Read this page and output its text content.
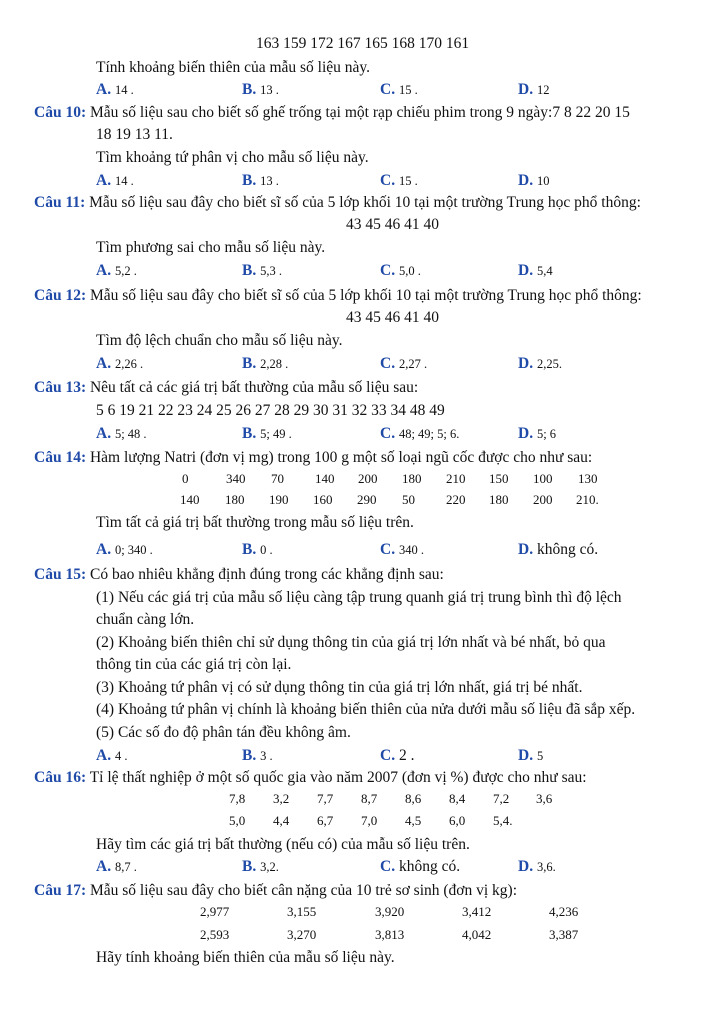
163 159 172 167 165 168 170 161
Tính khoảng biến thiên của mẫu số liệu này.
A. 14 .	B. 13 .	C. 15 .	D. 12
Câu 10: Mẫu số liệu sau cho biết số ghế trống tại một rạp chiếu phim trong 9 ngày:7 8 22 20 15
18 19 13 11.
Tìm khoảng tứ phân vị cho mẫu số liệu này.
A. 14 .	B. 13 .	C. 15 .	D. 10
Câu 11: Mẫu số liệu sau đây cho biết sĩ số của 5 lớp khối 10 tại một trường Trung học phổ thông:
43 45 46 41 40
Tìm phương sai cho mẫu số liệu này.
A. 5,2 .	B. 5,3 .	C. 5,0 .	D. 5,4
Câu 12: Mẫu số liệu sau đây cho biết sĩ số của 5 lớp khối 10 tại một trường Trung học phổ thông:
43 45 46 41 40
Tìm độ lệch chuẩn cho mẫu số liệu này.
A. 2,26 .	B. 2,28 .	C. 2,27 .	D. 2,25.
Câu 13: Nêu tất cả các giá trị bất thường của mẫu số liệu sau:
5 6 19 21 22 23 24 25 26 27 28 29 30 31 32 33 34 48 49
A. 5; 48 .	B. 5; 49 .	C. 48; 49; 5; 6.	D. 5; 6
Câu 14: Hàm lượng Natri (đơn vị mg) trong 100 g một số loại ngũ cốc được cho như sau:
0	340 70 140 200 180 210 150 100 130
140 180 190 160 290 50 220 180 200 210.
Tìm tất cả giá trị bất thường trong mẫu số liệu trên.
A. 0; 340 .	B. 0 .	C. 340 .	D. không có.
Câu 15: Có bao nhiêu khẳng định đúng trong các khẳng định sau:
(1) Nếu các giá trị của mẫu số liệu càng tập trung quanh giá trị trung bình thì độ lệch
chuẩn càng lớn.
(2) Khoảng biến thiên chỉ sử dụng thông tin của giá trị lớn nhất và bé nhất, bỏ qua
thông tin của các giá trị còn lại.
(3) Khoảng tứ phân vị có sử dụng thông tin của giá trị lớn nhất, giá trị bé nhất.
(4) Khoảng tứ phân vị chính là khoảng biến thiên của nửa dưới mẫu số liệu đã sắp xếp.
(5) Các số đo độ phân tán đều không âm.
A. 4 .	B. 3 .	C. 2 .	D. 5
Câu 16: Tỉ lệ thất nghiệp ở một số quốc gia vào năm 2007 (đơn vị %) được cho như sau:
7,8 3,2 7,7 8,7 8,6 8,4 7,2 3,6
5,0 4,4 6,7 7,0 4,5 6,0 5,4.
Hãy tìm các giá trị bất thường (nếu có) của mẫu số liệu trên.
A. 8,7 .	B. 3,2.	C. không có.	D. 3,6.
Câu 17: Mẫu số liệu sau đây cho biết cân nặng của 10 trẻ sơ sinh (đơn vị kg):
2,977	3,155	3,920	3,412	4,236
2,593	3,270	3,813	4,042	3,387
Hãy tính khoảng biến thiên của mẫu số liệu này.
